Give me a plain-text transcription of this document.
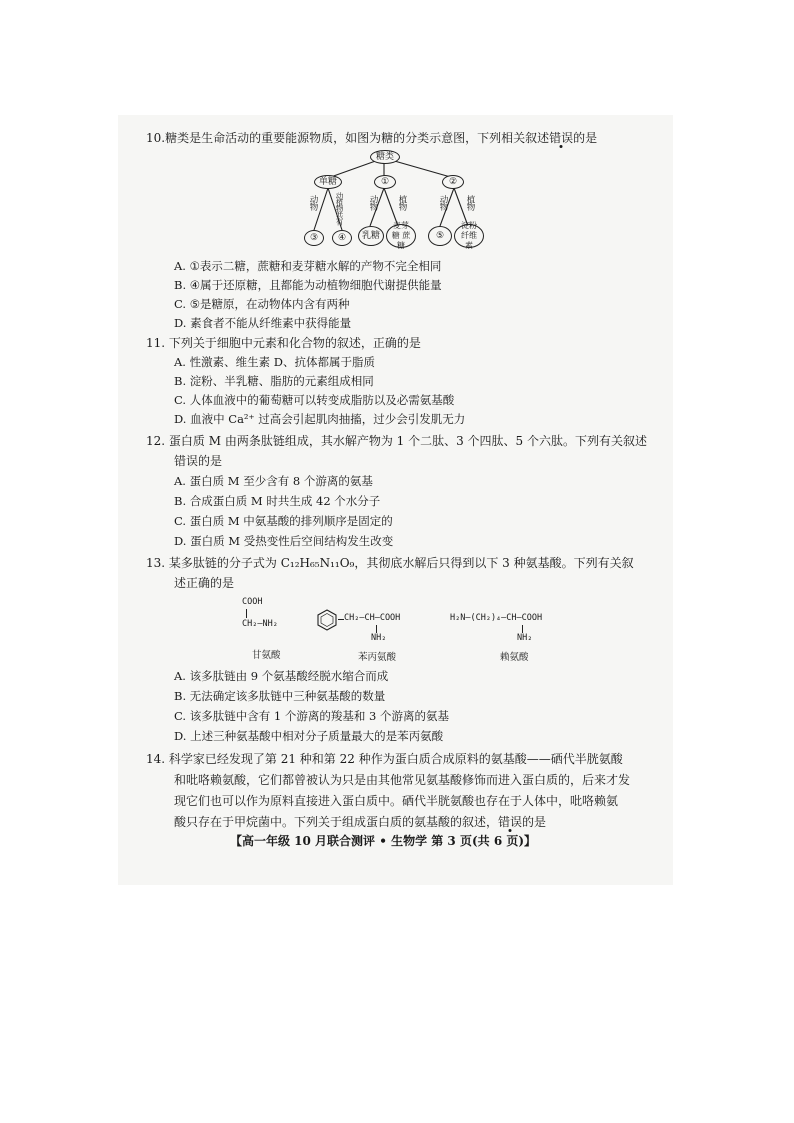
10.糖类是生命活动的重要能源物质，如图为糖的分类示意图，下列相关叙述错误的是
糖类
单糖	①	②
动物 动植物共有	动物 植物	动物 植物
③	④	乳糖
麦芽糖 蔗糖
⑤
淀粉 纤维素
A. ①表示二糖，蔗糖和麦芽糖水解的产物不完全相同
B. ④属于还原糖，且都能为动植物细胞代谢提供能量
C. ⑤是糖原，在动物体内含有两种
D. 素食者不能从纤维素中获得能量
11. 下列关于细胞中元素和化合物的叙述，正确的是
A. 性激素、维生素 D、抗体都属于脂质
B. 淀粉、半乳糖、脂肪的元素组成相同
C. 人体血液中的葡萄糖可以转变成脂肪以及必需氨基酸
D. 血液中 Ca²⁺ 过高会引起肌肉抽搐，过少会引发肌无力
12. 蛋白质 M 由两条肽链组成，其水解产物为 1 个二肽、3 个四肽、5 个六肽。下列有关叙述
错误的是
A. 蛋白质 M 至少含有 8 个游离的氨基
B. 合成蛋白质 M 时共生成 42 个水分子
C. 蛋白质 M 中氨基酸的排列顺序是固定的
D. 蛋白质 M 受热变性后空间结构发生改变
13. 某多肽链的分子式为 C₁₂H₆₅N₁₁O₉，其彻底水解后只得到以下 3 种氨基酸。下列有关叙
述正确的是
COOH
CH₂—NH₂
甘氨酸
CH₂—CH—COOH
NH₂
苯丙氨酸
H₂N—(CH₂)₄—CH—COOH
NH₂
赖氨酸
A. 该多肽链由 9 个氨基酸经脱水缩合而成
B. 无法确定该多肽链中三种氨基酸的数量
C. 该多肽链中含有 1 个游离的羧基和 3 个游离的氨基
D. 上述三种氨基酸中相对分子质量最大的是苯丙氨酸
14. 科学家已经发现了第 21 种和第 22 种作为蛋白质合成原料的氨基酸——硒代半胱氨酸
和吡咯赖氨酸，它们都曾被认为只是由其他常见氨基酸修饰而进入蛋白质的，后来才发
现它们也可以作为原料直接进入蛋白质中。硒代半胱氨酸也存在于人体中，吡咯赖氨
酸只存在于甲烷菌中。下列关于组成蛋白质的氨基酸的叙述，错误的是
【高一年级 10 月联合测评 • 生物学 第 3 页(共 6 页)】
